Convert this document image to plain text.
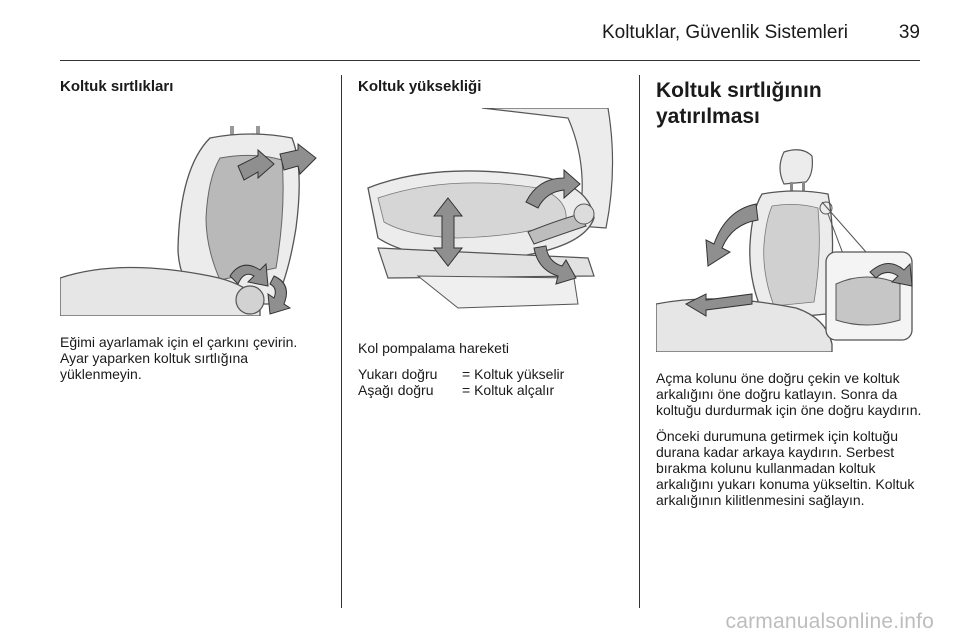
Koltuklar, Güvenlik Sistemleri	39
Koltuk sırtlıkları

Eğimi ayarlamak için el çarkını çevirin. Ayar yaparken koltuk sırtlığına yüklenmeyin.

Koltuk yüksekliği

Kol pompalama hareketi

Yukarı doğru	= Koltuk yükselir
Aşağı doğru	= Koltuk alçalır
Koltuk sırtlığının
yatırılması

Açma kolunu öne doğru çekin ve koltuk arkalığını öne doğru katlayın. Sonra da koltuğu durdurmak için öne doğru kaydırın.

Önceki durumuna getirmek için koltuğu durana kadar arkaya kaydırın. Serbest bırakma kolunu kullanmadan koltuk arkalığını yukarı konuma yükseltin. Koltuk arkalığının kilitlenmesini sağlayın.

carmanualsonline.info
